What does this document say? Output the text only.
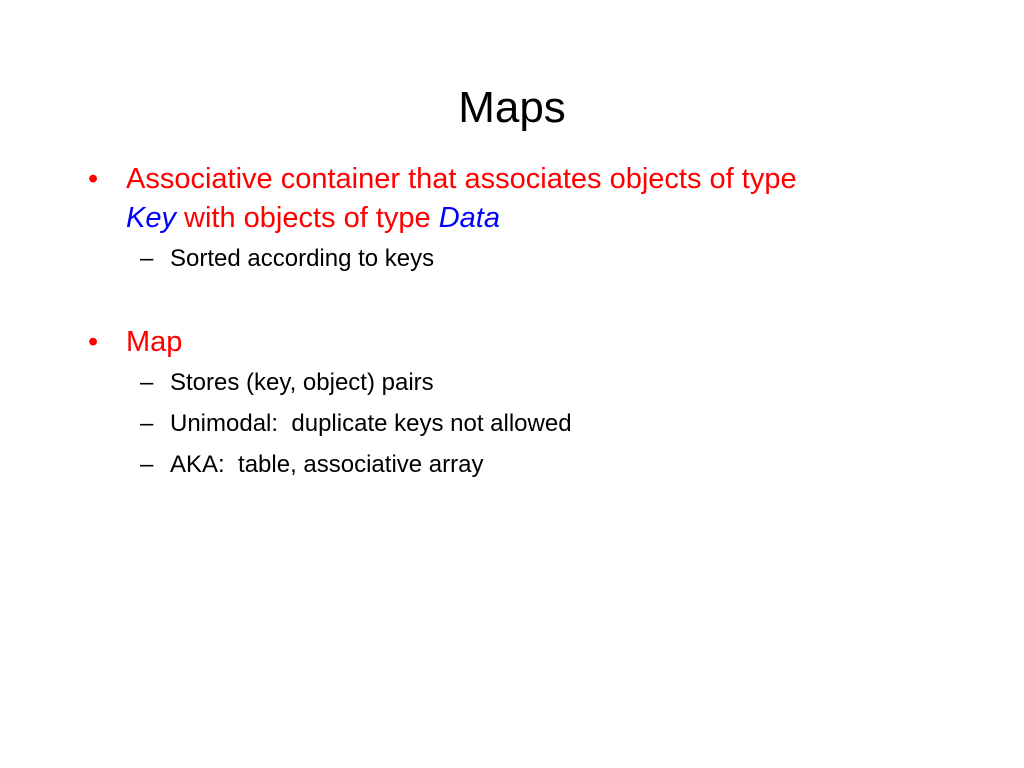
Maps
• Associative container that associates objects of type
Key with objects of type Data
– Sorted according to keys
• Map
– Stores (key, object) pairs
– Unimodal:  duplicate keys not allowed
– AKA:  table, associative array
